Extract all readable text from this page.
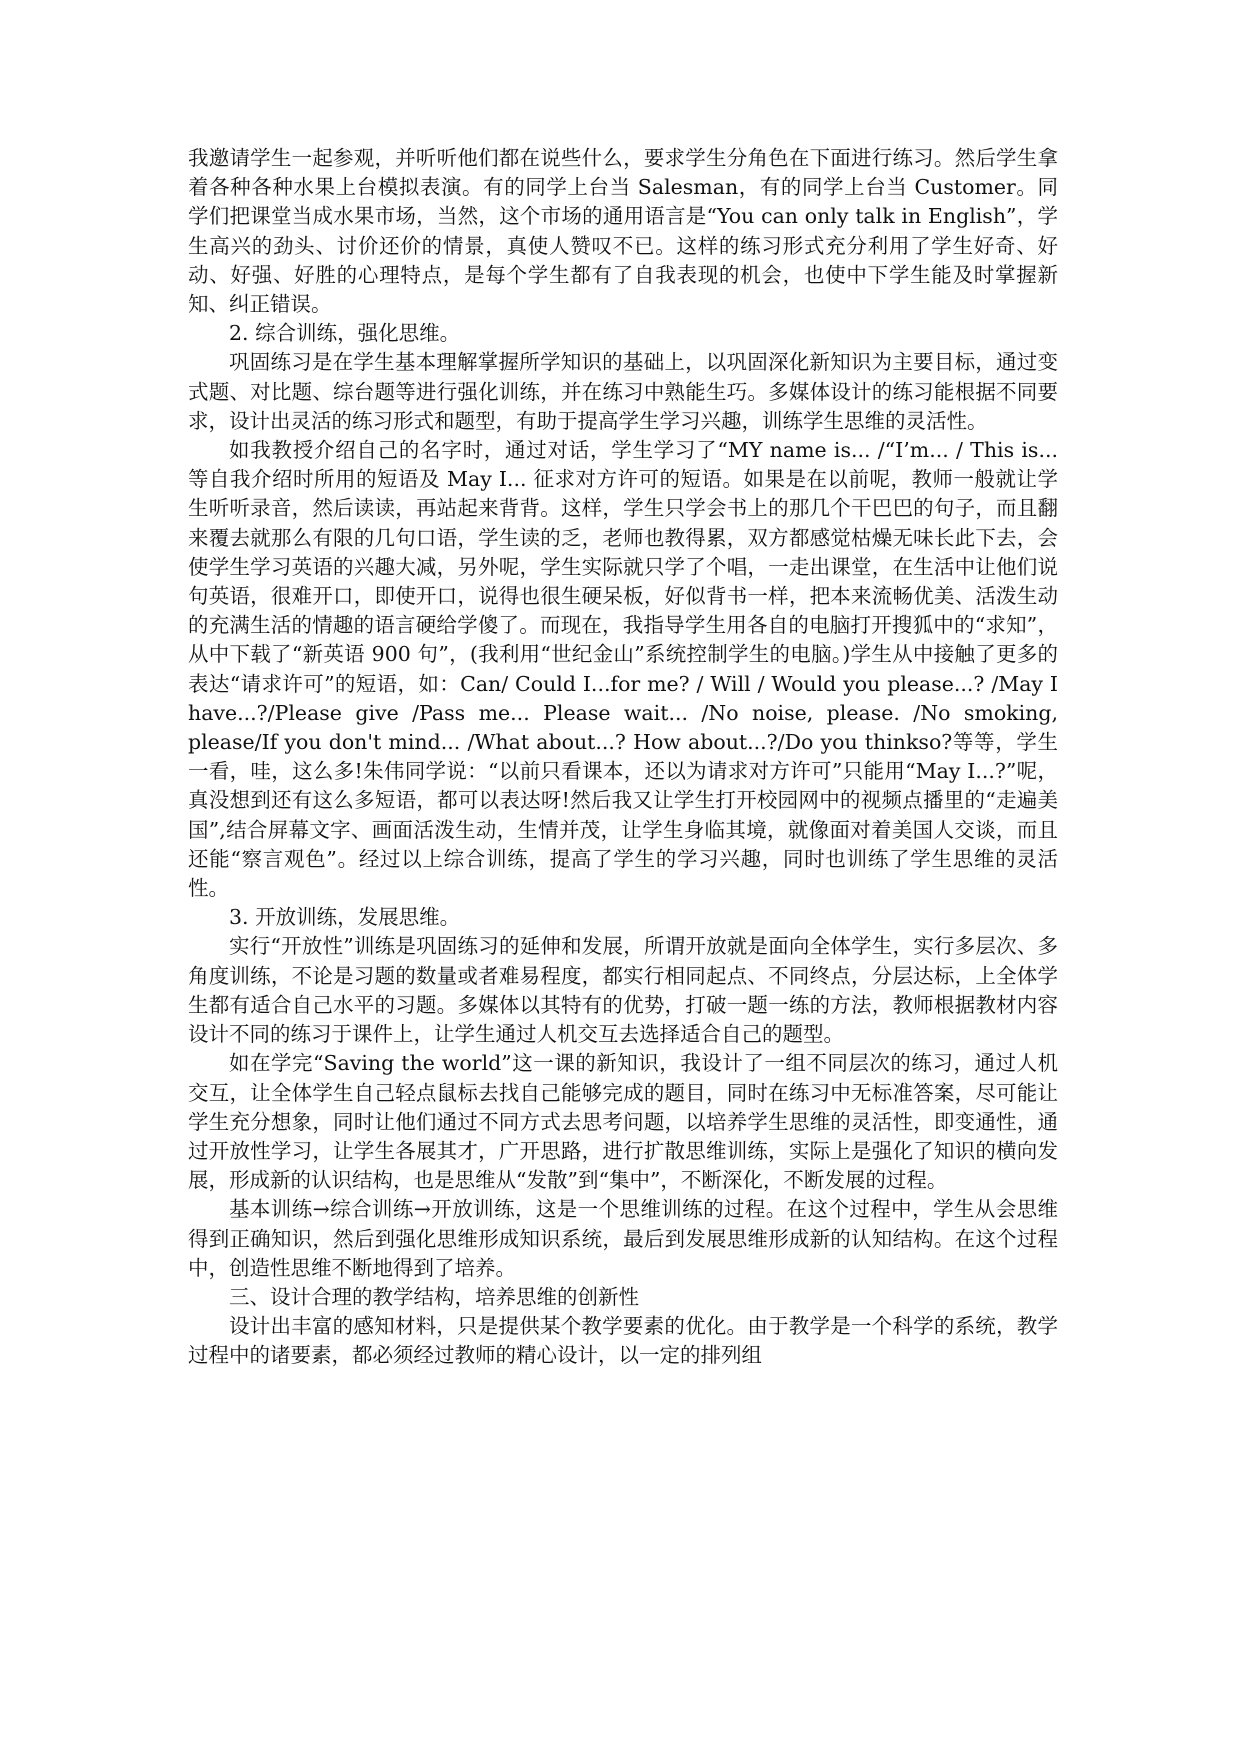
我邀请学生一起参观，并听听他们都在说些什么，要求学生分角色在下面进行练习。然后学生拿着各种各种水果上台模拟表演。有的同学上台当 Salesman，有的同学上台当 Customer。同学们把课堂当成水果市场，当然，这个市场的通用语言是“You can only talk in English”，学生高兴的劲头、讨价还价的情景，真使人赞叹不已。这样的练习形式充分利用了学生好奇、好动、好强、好胜的心理特点，是每个学生都有了自我表现的机会，也使中下学生能及时掌握新知、纠正错误。

2. 综合训练，强化思维。

巩固练习是在学生基本理解掌握所学知识的基础上，以巩固深化新知识为主要目标，通过变式题、对比题、综台题等进行强化训练，并在练习中熟能生巧。多媒体设计的练习能根据不同要求，设计出灵活的练习形式和题型，有助于提高学生学习兴趣，训练学生思维的灵活性。

如我教授介绍自己的名字时，通过对话，学生学习了“MY name is... /“I’m... / This is... 等自我介绍时所用的短语及 May I... 征求对方许可的短语。如果是在以前呢，教师一般就让学生听听录音，然后读读，再站起来背背。这样，学生只学会书上的那几个干巴巴的句子，而且翻来覆去就那么有限的几句口语，学生读的乏，老师也教得累，双方都感觉枯燥无味长此下去，会使学生学习英语的兴趣大减，另外呢，学生实际就只学了个唱，一走出课堂，在生活中让他们说句英语，很难开口，即使开口，说得也很生硬呆板，好似背书一样，把本来流畅优美、活泼生动的充满生活的情趣的语言硬给学傻了。而现在，我指导学生用各自的电脑打开搜狐中的“求知”，从中下载了“新英语 900 句”，(我利用“世纪金山”系统控制学生的电脑。)学生从中接触了更多的表达“请求许可”的短语，如：Can/ Could I...for me? / Will / Would you please...? /May I have...?/Please give /Pass me... Please wait... /No noise, please. /No smoking, please/If you don't mind... /What about...? How about...?/Do you thinkso?等等，学生一看，哇，这么多!朱伟同学说：“以前只看课本，还以为请求对方许可”只能用“May I...?”呢，真没想到还有这么多短语，都可以表达呀!然后我又让学生打开校园网中的视频点播里的“走遍美国”,结合屏幕文字、画面活泼生动，生情并茂，让学生身临其境，就像面对着美国人交谈，而且还能“察言观色”。经过以上综合训练，提高了学生的学习兴趣，同时也训练了学生思维的灵活性。

3. 开放训练，发展思维。

实行“开放性”训练是巩固练习的延伸和发展，所谓开放就是面向全体学生，实行多层次、多角度训练，不论是习题的数量或者难易程度，都实行相同起点、不同终点，分层达标，上全体学生都有适合自己水平的习题。多媒体以其特有的优势，打破一题一练的方法，教师根据教材内容设计不同的练习于课件上，让学生通过人机交互去选择适合自己的题型。

如在学完“Saving the world”这一课的新知识，我设计了一组不同层次的练习，通过人机交互，让全体学生自己轻点鼠标去找自己能够完成的题目，同时在练习中无标准答案，尽可能让学生充分想象，同时让他们通过不同方式去思考问题，以培养学生思维的灵活性，即变通性，通过开放性学习，让学生各展其才，广开思路，进行扩散思维训练，实际上是强化了知识的横向发展，形成新的认识结构，也是思维从“发散”到“集中”，不断深化，不断发展的过程。

基本训练→综合训练→开放训练，这是一个思维训练的过程。在这个过程中，学生从会思维得到正确知识，然后到强化思维形成知识系统，最后到发展思维形成新的认知结构。在这个过程中，创造性思维不断地得到了培养。

三、设计合理的教学结构，培养思维的创新性

设计出丰富的感知材料，只是提供某个教学要素的优化。由于教学是一个科学的系统，教学过程中的诸要素，都必须经过教师的精心设计，以一定的排列组
